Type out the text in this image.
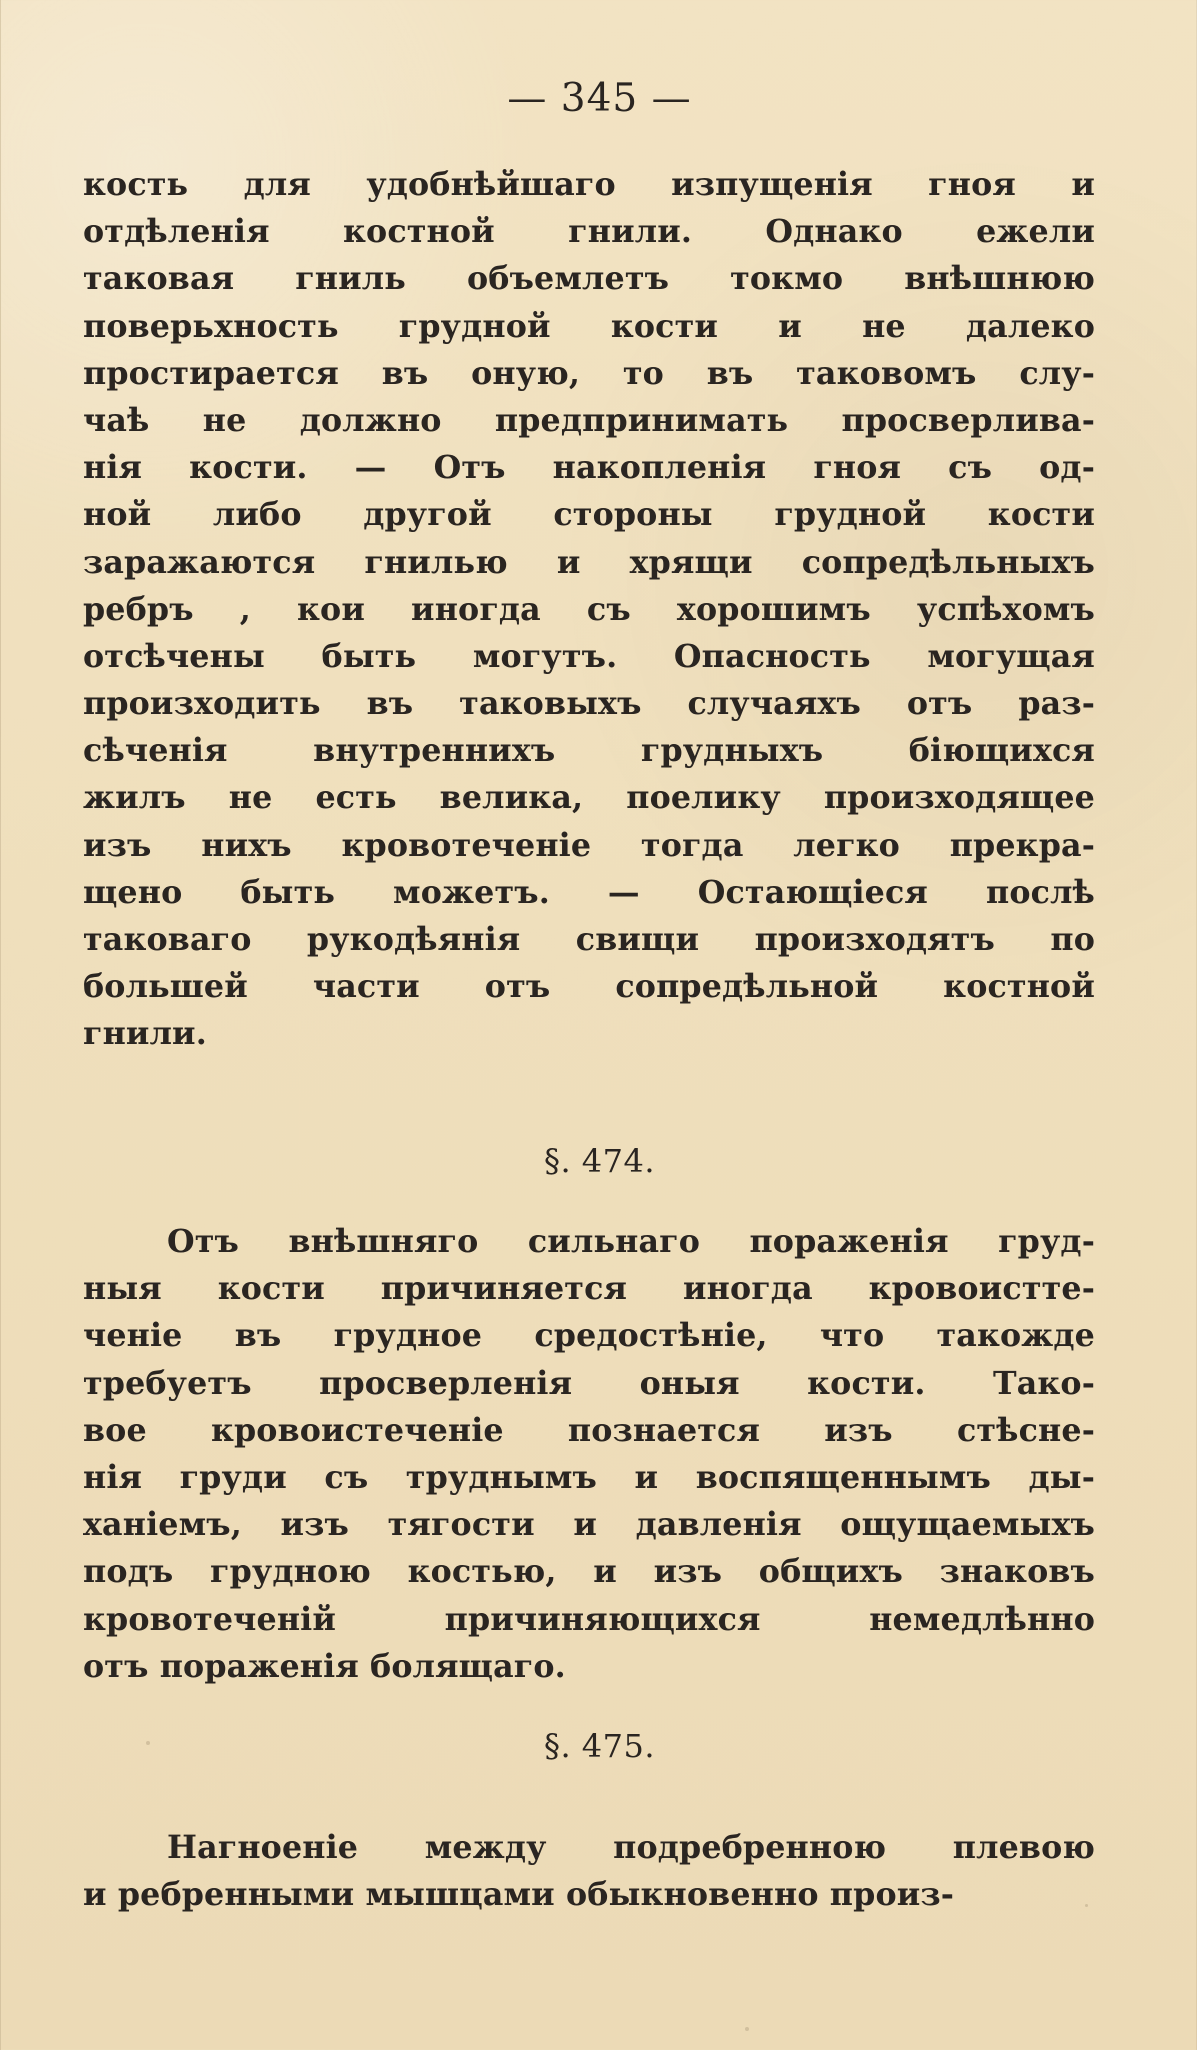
— 345 —
кость для удобнѣйшаго изпущенія гноя и
отдѣленія костной гнили. Однако ежели
таковая гниль объемлетъ токмо внѣшнюю
поверьхность грудной кости и не далеко
простирается въ оную, то въ таковомъ слу-
чаѣ не должно предпринимать просверлива-
нія кости. — Отъ накопленія гноя съ од-
ной либо другой стороны грудной кости
заражаются гнилью и хрящи сопредѣльныхъ
ребръ , кои иногда съ хорошимъ успѣхомъ
отсѣчены быть могутъ. Опасность могущая
произходить въ таковыхъ случаяхъ отъ раз-
сѣченія внутреннихъ грудныхъ біющихся
жилъ не есть велика, поелику произходящее
изъ нихъ кровотеченіе тогда легко прекра-
щено быть можетъ. — Остающіеся послѣ
таковаго рукодѣянія свищи произходятъ по
большей части отъ сопредѣльной костной
гнили.
§. 474.
Отъ внѣшняго сильнаго пораженія груд-
ныя кости причиняется иногда кровоистте-
ченіе въ грудное средостѣніе, что такожде
требуетъ просверленія оныя кости. Тако-
вое кровоистеченіе познается изъ стѣсне-
нія груди съ труднымъ и воспященнымъ ды-
ханіемъ, изъ тягости и давленія ощущаемыхъ
подъ грудною костью, и изъ общихъ знаковъ
кровотеченій причиняющихся немедлѣнно
отъ пораженія болящаго.
§. 475.
Нагноеніе между подребренною плевою
и ребренными мышцами обыкновенно произ-
